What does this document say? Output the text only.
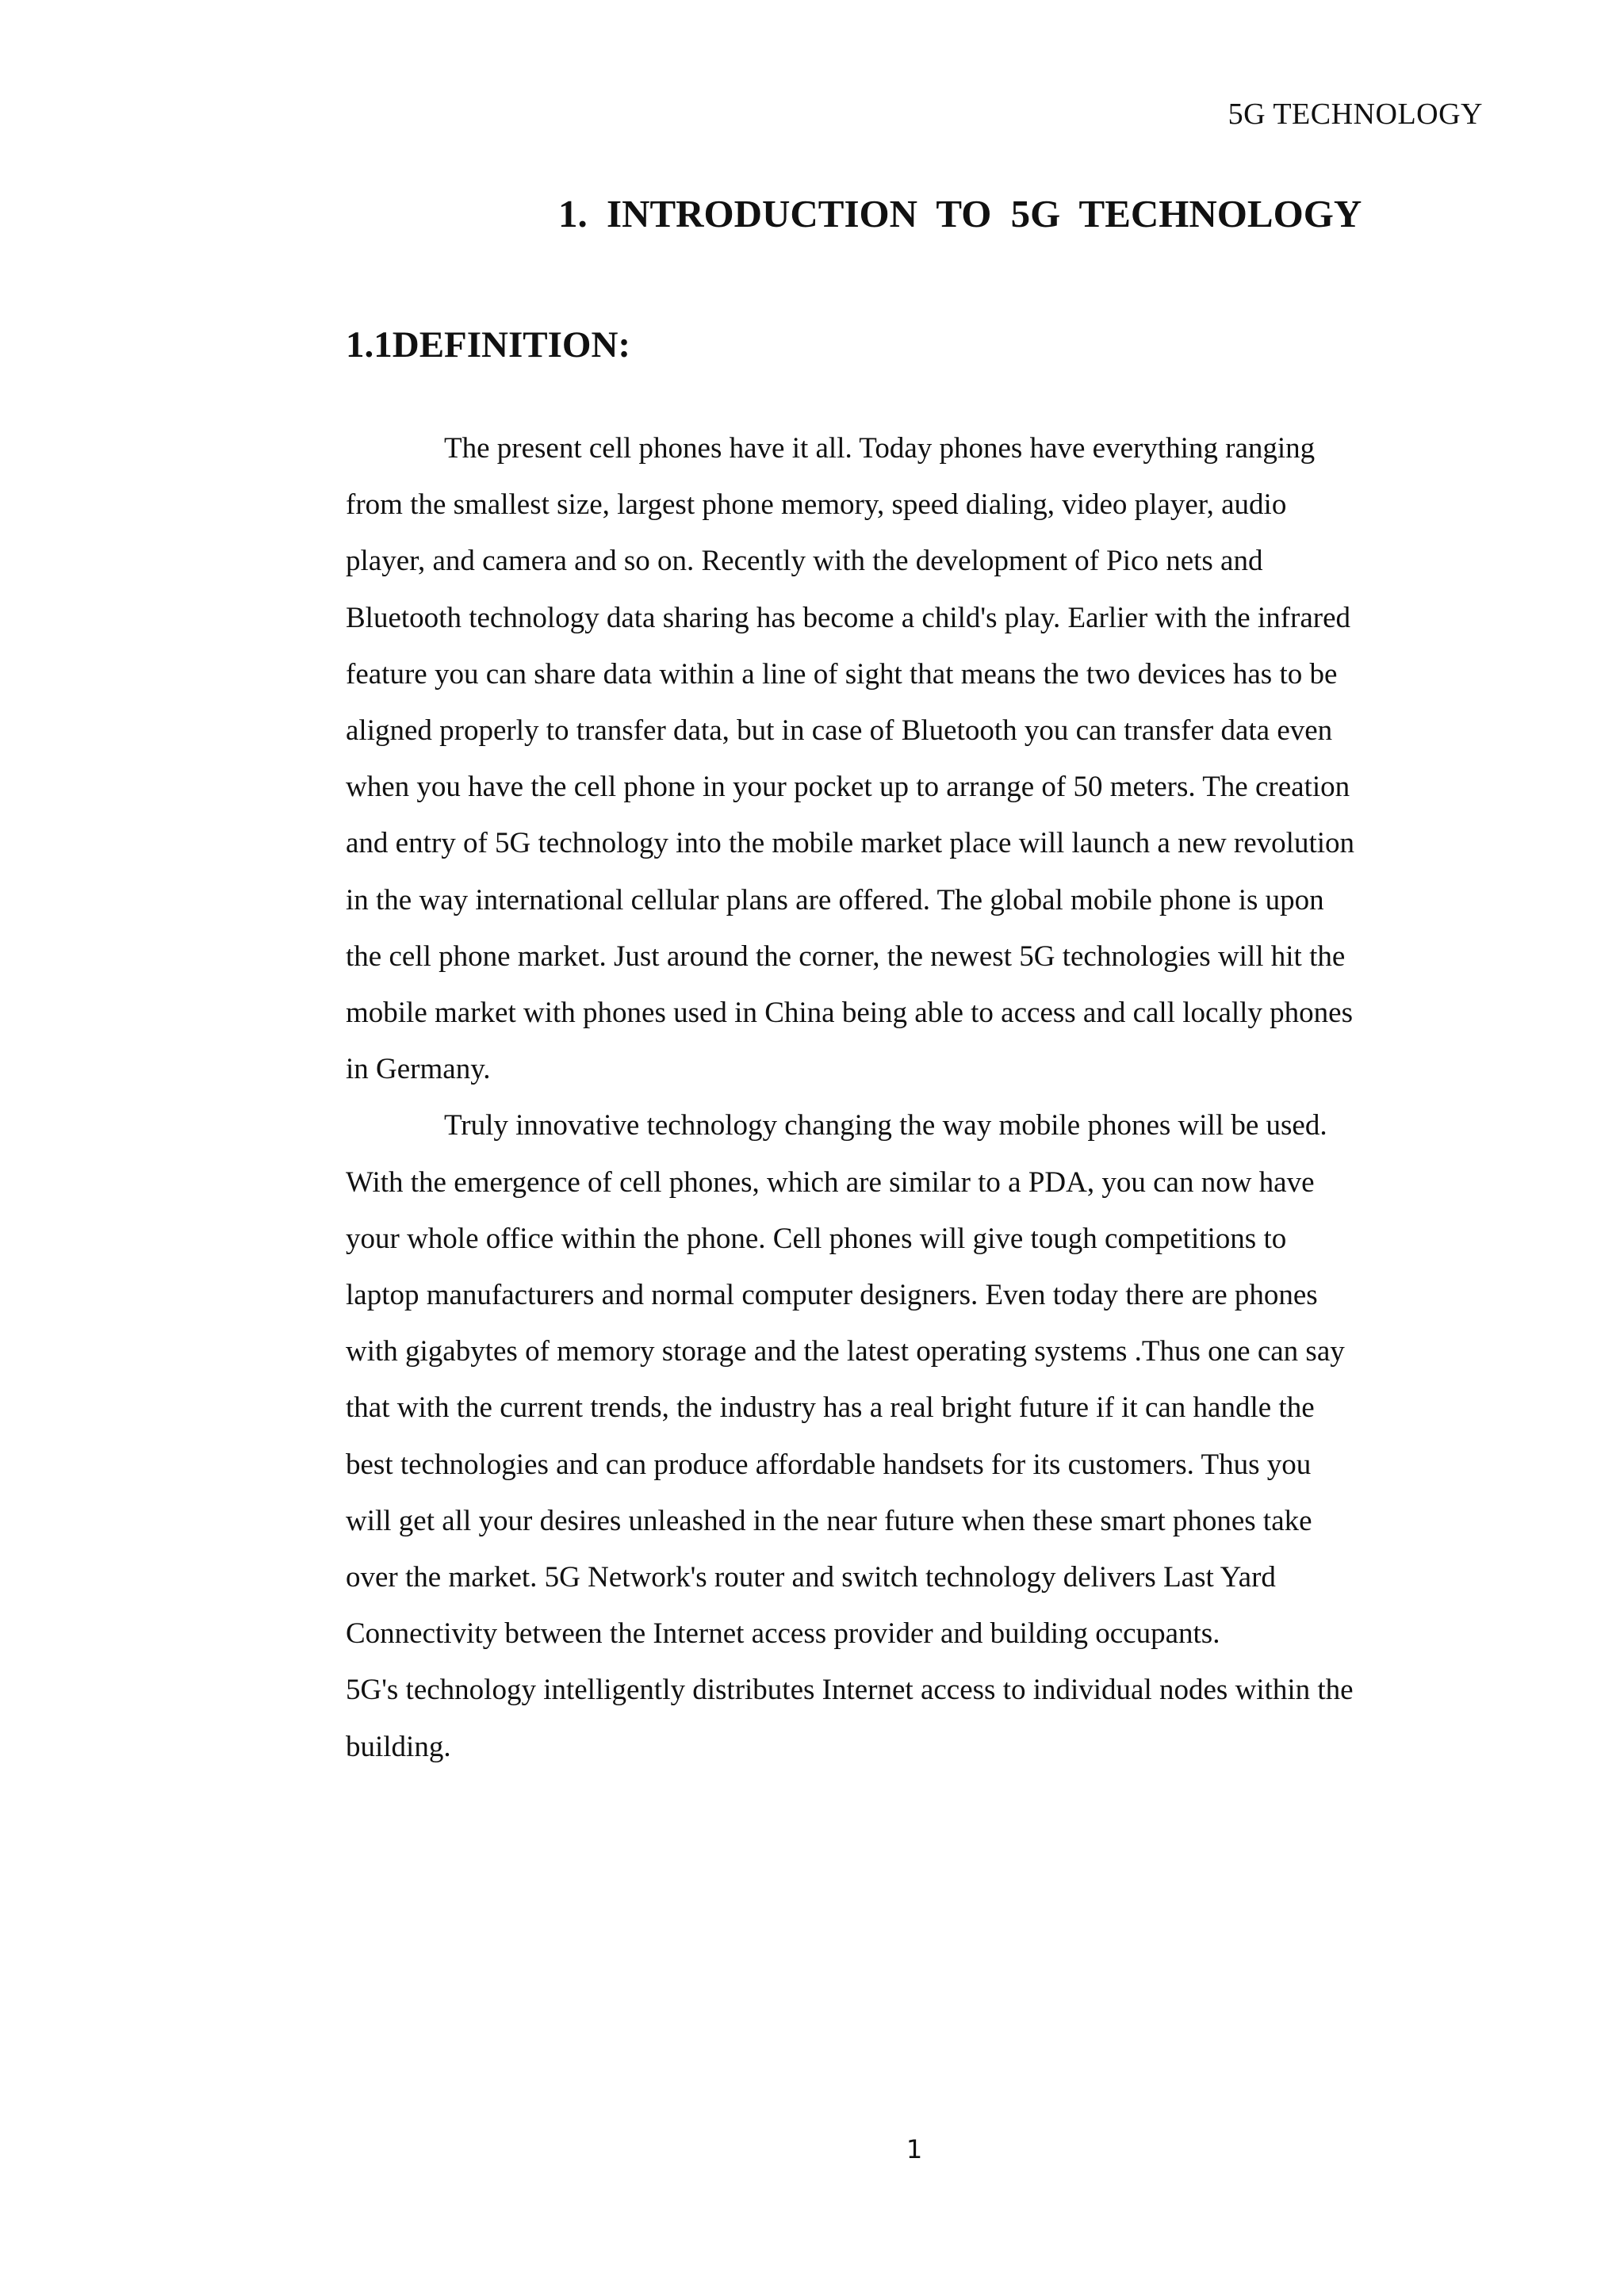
5G TECHNOLOGY
1. INTRODUCTION TO 5G TECHNOLOGY
1.1DEFINITION:
The present cell phones have it all. Today phones have everything ranging
from the smallest size, largest phone memory, speed dialing, video player, audio
player, and camera and so on. Recently with the development of Pico nets and
Bluetooth technology data sharing has become a child's play. Earlier with the infrared
feature you can share data within a line of sight that means the two devices has to be
aligned properly to transfer data, but in case of Bluetooth you can transfer data even
when you have the cell phone in your pocket up to arrange of 50 meters. The creation
and entry of 5G technology into the mobile market place will launch a new revolution
in the way international cellular plans are offered. The global mobile phone is upon
the cell phone market. Just around the corner, the newest 5G technologies will hit the
mobile market with phones used in China being able to access and call locally phones
in Germany.
Truly innovative technology changing the way mobile phones will be used.
With the emergence of cell phones, which are similar to a PDA, you can now have
your whole office within the phone. Cell phones will give tough competitions to
laptop manufacturers and normal computer designers. Even today there are phones
with gigabytes of memory storage and the latest operating systems .Thus one can say
that with the current trends, the industry has a real bright future if it can handle the
best technologies and can produce affordable handsets for its customers. Thus you
will get all your desires unleashed in the near future when these smart phones take
over the market. 5G Network's router and switch technology delivers Last Yard
Connectivity between the Internet access provider and building occupants.
5G's technology intelligently distributes Internet access to individual nodes within the
building.
1
